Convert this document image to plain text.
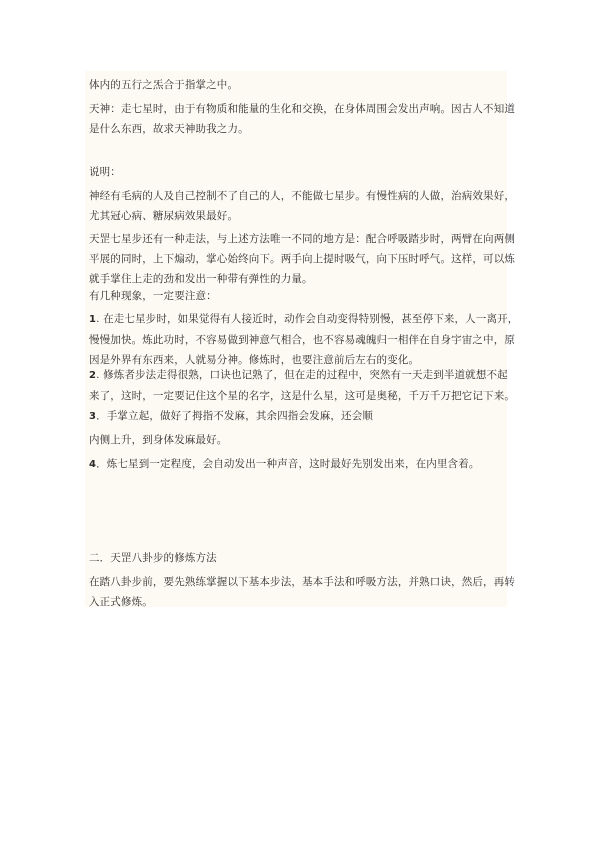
体内的五行之炁合于指掌之中。

天神：走七星时，由于有物质和能量的生化和交换，在身体周围会发出声响。因古人不知道
是什么东西，故求天神助我之力。

说明：

神经有毛病的人及自己控制不了自己的人，不能做七星步。有慢性病的人做，治病效果好，
尤其冠心病、糖尿病效果最好。

天罡七星步还有一种走法，与上述方法唯一不同的地方是：配合呼吸踏步时，两臂在向两侧
平展的同时，上下煽动，掌心始终向下。两手向上提时吸气，向下压时呼气。这样，可以炼
就手掌住上走的劲和发出一种带有弹性的力量。

有几种现象，一定要注意：

1. 在走七星步时，如果觉得有人接近时，动作会自动变得特别慢，甚至停下来，人一离开，
慢慢加快。炼此功时，不容易做到神意气相合，也不容易魂魄归一相伴在自身宇宙之中，原
因是外界有东西来，人就易分神。修炼时，也要注意前后左右的变化。

2. 修炼者步法走得很熟，口诀也记熟了，但在走的过程中，突然有一天走到半道就想不起
来了，这时，一定要记住这个星的名字，这是什么星，这可是奥秘，千万千万把它记下来。

3．手掌立起，做好了拇指不发麻，其余四指会发麻，还会顺

内侧上升，到身体发麻最好。

4．炼七星到一定程度，会自动发出一种声音，这时最好先别发出来，在内里含着。

二．天罡八卦步的修炼方法

在踏八卦步前，要先熟练掌握以下基本步法，基本手法和呼吸方法，并熟口诀，然后，再转
入正式修炼。
